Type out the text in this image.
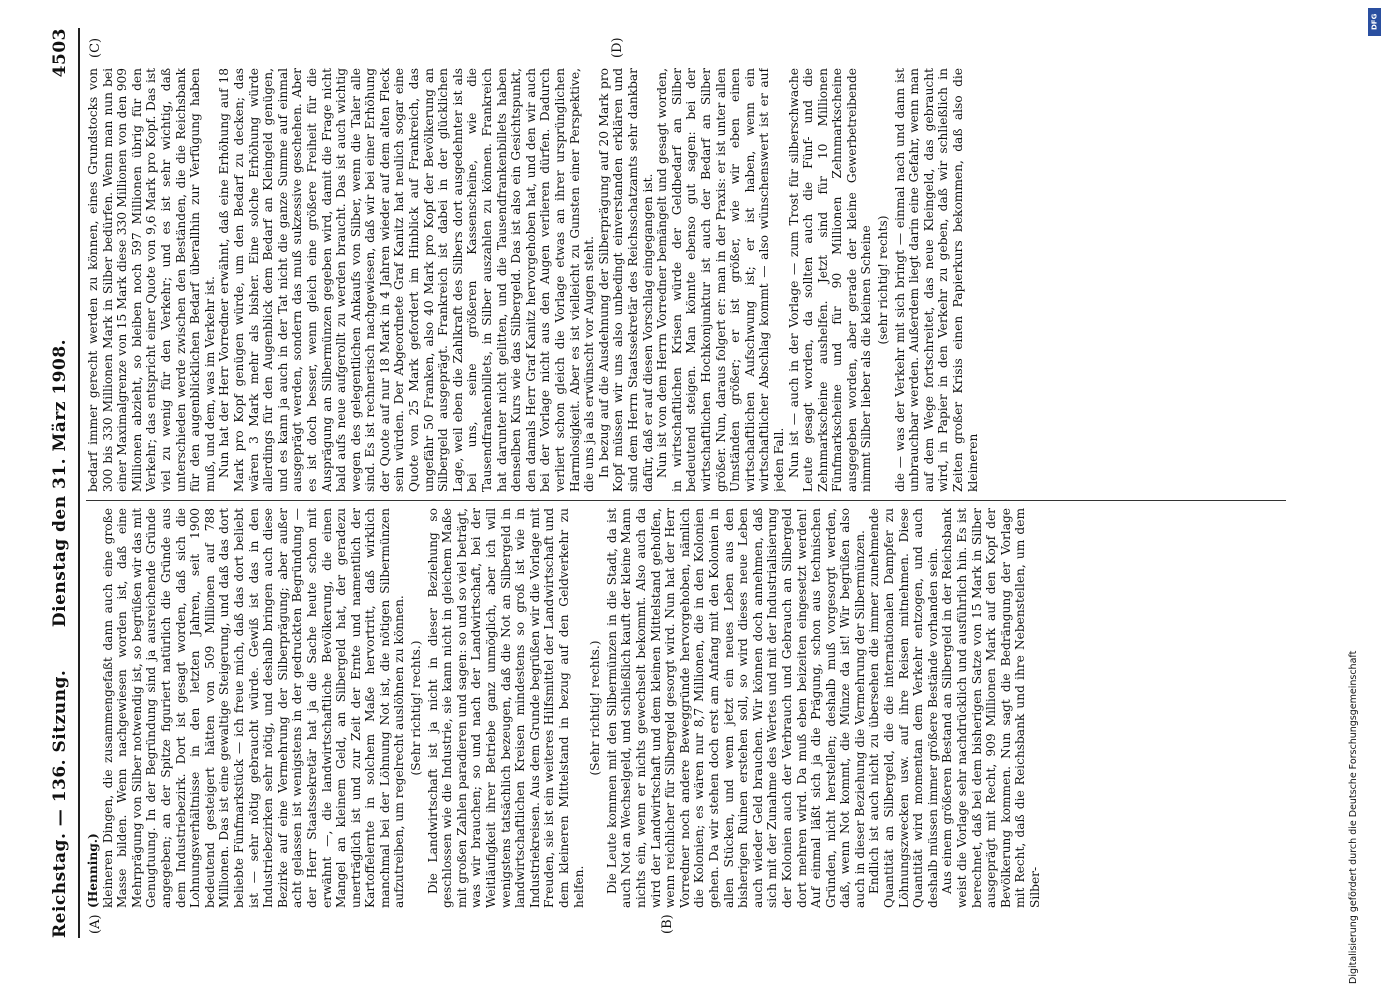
Reichstag. — 136. Sitzung.
Dienstag den 31. März 1908.
4503
(A)	(B)
(C)	(D)

(Henning.) kleineren Dingen, die zusammengefaßt dann auch eine große Masse bilden. Wenn nachgewiesen worden ist, daß eine Mehrprägung von Silber notwendig ist, so begrüßen wir das mit Genugtuung. In der Begründung sind ja ausreichende Gründe angegeben; an der Spitze figuriert natürlich die Gründe aus dem Industriebezirk. Dort ist gesagt worden, daß sich die Lohnungsverhältnisse in den letzten Jahren, seit 1900 bedeutend gesteigert hätten von 509 Millionen auf 788 Millionen. Das ist eine gewaltige Steigerung, und daß das dort beliebte Fünfmarkstück — ich freue mich, daß das dort beliebt ist — sehr nötig gebraucht würde. Gewiß ist das in den Industriebezirken sehr nötig, und deshalb bringen auch diese Bezirke auf eine Vermehrung der Silberprägung; aber außer acht gelassen ist wenigstens in der gedruckten Begründung — der Herr Staatssekretär hat ja die Sache heute schon mit erwähnt —, die landwirtschaftliche Bevölkerung, die einen Mangel an kleinem Geld, an Silbergeld hat, der geradezu unerträglich ist und zur Zeit der Ernte und namentlich der Kartoffelernte in solchem Maße hervortritt, daß wirklich manchmal bei der Löhnung Not ist, die nötigen Silbermünzen aufzutreiben, um regelrecht auslöhnen zu können. (Sehr richtig! rechts.) Die Landwirtschaft ist ja nicht in dieser Beziehung so geschlossen wie die Industrie, sie kann nicht in gleichem Maße mit großen Zahlen paradieren und sagen: so und so viel beträgt, was wir brauchen; so und nach der Landwirtschaft, bei der Weitläufigkeit ihrer Betriebe ganz unmöglich, aber ich will wenigstens tatsächlich bezeugen, daß die Not an Silbergeld in landwirtschaftlichen Kreisen mindestens so groß ist wie in Industriekreisen. Aus dem Grunde begrüßen wir die Vorlage mit Freuden, sie ist ein weiteres Hilfsmittel der Landwirtschaft und dem kleineren Mittelstand in bezug auf den Geldverkehr zu helfen.

(Sehr richtig! rechts.) Die Leute kommen mit den Silbermünzen in die Stadt, da ist auch Not an Wechselgeld, und schließlich kauft der kleine Mann nichts ein, wenn er nichts gewechselt bekommt. Also auch da wird der Landwirtschaft und dem kleinen Mittelstand geholfen, wenn reichlicher für Silbergeld gesorgt wird. Nun hat der Herr Vorredner noch andere Beweggründe hervorgehoben, nämlich die Kolonien; es wären nur 8,7 Millionen, die in den Kolonien gehen. Da wir stehen doch erst am Anfang mit den Kolonien in allen Stücken, und wenn jetzt ein neues Leben aus den bisherigen Ruinen erstehen soll, so wird dieses neue Leben auch wieder Geld brauchen. Wir können doch annehmen, daß sich mit der Zunahme des Wertes und mit der Industrialisierung der Kolonien auch der Verbrauch und Gebrauch an Silbergeld dort mehren wird. Da muß eben beizeiten eingesetzt werden! Auf einmal läßt sich ja die Prägung, schon aus technischen Gründen, nicht herstellen; deshalb muß vorgesorgt werden, daß, wenn Not kommt, die Münze da ist! Wir begrüßen also auch in dieser Beziehung die Vermehrung der Silbermünzen. Endlich ist auch nicht zu übersehen die immer zunehmende Quantität an Silbergeld, die die internationalen Dampfer zu Löhnungszwecken usw. auf ihre Reisen mitnehmen. Diese Quantität wird momentan dem Verkehr entzogen, und auch deshalb müssen immer größere Bestände vorhanden sein. Aus einem größeren Bestand an Silbergeld in der Reichsbank weist die Vorlage sehr nachdrücklich und ausführlich hin. Es ist berechnet, daß bei dem bisherigen Satze von 15 Mark in Silber ausgeprägt mit Recht, 909 Millionen Mark auf den Kopf der Bevölkerung kommen. Nun sagt die Bedrängung der Vorlage mit Recht, daß die Reichsbank und ihre Nebenstellen, um dem Silber-

bedarf immer gerecht werden zu können, eines Grundstocks von 300 bis 330 Millionen Mark in Silber bedürfen. Wenn man nun bei einer Maximalgrenze von 15 Mark diese 330 Millionen von den 909 Millionen abzieht, so bleiben noch 597 Millionen übrig für den Verkehr; das entspricht einer Quote von 9,6 Mark pro Kopf. Das ist viel zu wenig für den Verkehr; und es ist sehr wichtig, daß unterschieden werde zwischen den Beständen, die die Reichsbank für den augenblicklichen Bedarf überallhin zur Verfügung haben muß, und dem, was im Verkehr ist. Nun hat der Herr Vorredner erwähnt, daß eine Erhöhung auf 18 Mark pro Kopf genügen würde, um den Bedarf zu decken; das wären 3 Mark mehr als bisher. Eine solche Erhöhung würde allerdings für den Augenblick dem Bedarf an Kleingeld genügen, und es kann ja auch in der Tat nicht die ganze Summe auf einmal ausgeprägt werden, sondern das muß sukzessive geschehen. Aber es ist doch besser, wenn gleich eine größere Freiheit für die Ausprägung an Silbermünzen gegeben wird, damit die Frage nicht bald aufs neue aufgerollt zu werden braucht. Das ist auch wichtig wegen des gelegentlichen Ankaufs von Silber, wenn die Taler alle sind. Es ist rechnerisch nachgewiesen, daß wir bei einer Erhöhung der Quote auf nur 18 Mark in 4 Jahren wieder auf dem alten Fleck sein würden. Der Abgeordnete Graf Kanitz hat neulich sogar eine Quote von 25 Mark gefordert im Hinblick auf Frankreich, das ungefähr 50 Franken, also 40 Mark pro Kopf der Bevölkerung an Silbergeld ausgeprägt. Frankreich ist dabei in der glücklichen Lage, weil eben die Zahlkraft des Silbers dort ausgedehnter ist als bei uns, seine größeren Kassenscheine, wie die Tausendfrankenbillets, in Silber auszahlen zu können. Frankreich hat darunter nicht gelitten, und die Tausendfrankenbillets haben denselben Kurs wie das Silbergeld. Das ist also ein Gesichtspunkt, den damals Herr Graf Kanitz hervorgehoben hat, und den wir auch bei der Vorlage nicht aus den Augen verlieren dürfen. Dadurch verliert schon gleich die Vorlage etwas an ihrer ursprünglichen Harmlosigkeit. Aber es ist vielleicht zu Gunsten einer Perspektive, die uns ja als erwünscht vor Augen steht. In bezug auf die Ausdehnung der Silberprägung auf 20 Mark pro Kopf müssen wir uns also unbedingt einverstanden erklären und sind dem Herrn Staatssekretär des Reichsschatzamts sehr dankbar dafür, daß er auf diesen Vorschlag eingegangen ist. Nun ist von dem Herrn Vorredner bemängelt und gesagt worden, in wirtschaftlichen Krisen würde der Geldbedarf an Silber bedeutend steigen. Man könnte ebenso gut sagen: bei der wirtschaftlichen Hochkonjunktur ist auch der Bedarf an Silber größer. Nun, daraus folgert er: man in der Praxis: er ist unter allen Umständen größer; er ist größer, wie wir eben einen wirtschaftlichen Aufschwung ist; er ist haben, wenn ein wirtschaftlicher Abschlag kommt — also wünschenswert ist er auf jeden Fall. Nun ist — auch in der Vorlage — zum Trost für silberschwache Leute gesagt worden, da sollten auch die Fünf- und die Zehnmarkscheine aushelfen. Jetzt sind für 10 Millionen Fünfmarkscheine und für 90 Millionen Zehnmarkscheine ausgegeben worden, aber gerade der kleine Gewerbetreibende nimmt Silber lieber als die kleinen Scheine (sehr richtig! rechts) die — was der Verkehr mit sich bringt — einmal nach und dann ist unbrauchbar werden. Außerdem liegt darin eine Gefahr, wenn man auf dem Wege fortschreitet, das neue Kleingeld, das gebraucht wird, in Papier in den Verkehr zu geben, daß wir schließlich in Zeiten großer Krisis einen Papierkurs bekommen, daß also die kleineren

Digitalisierung gefördert durch die Deutsche Forschungsgemeinschaft
DFG
